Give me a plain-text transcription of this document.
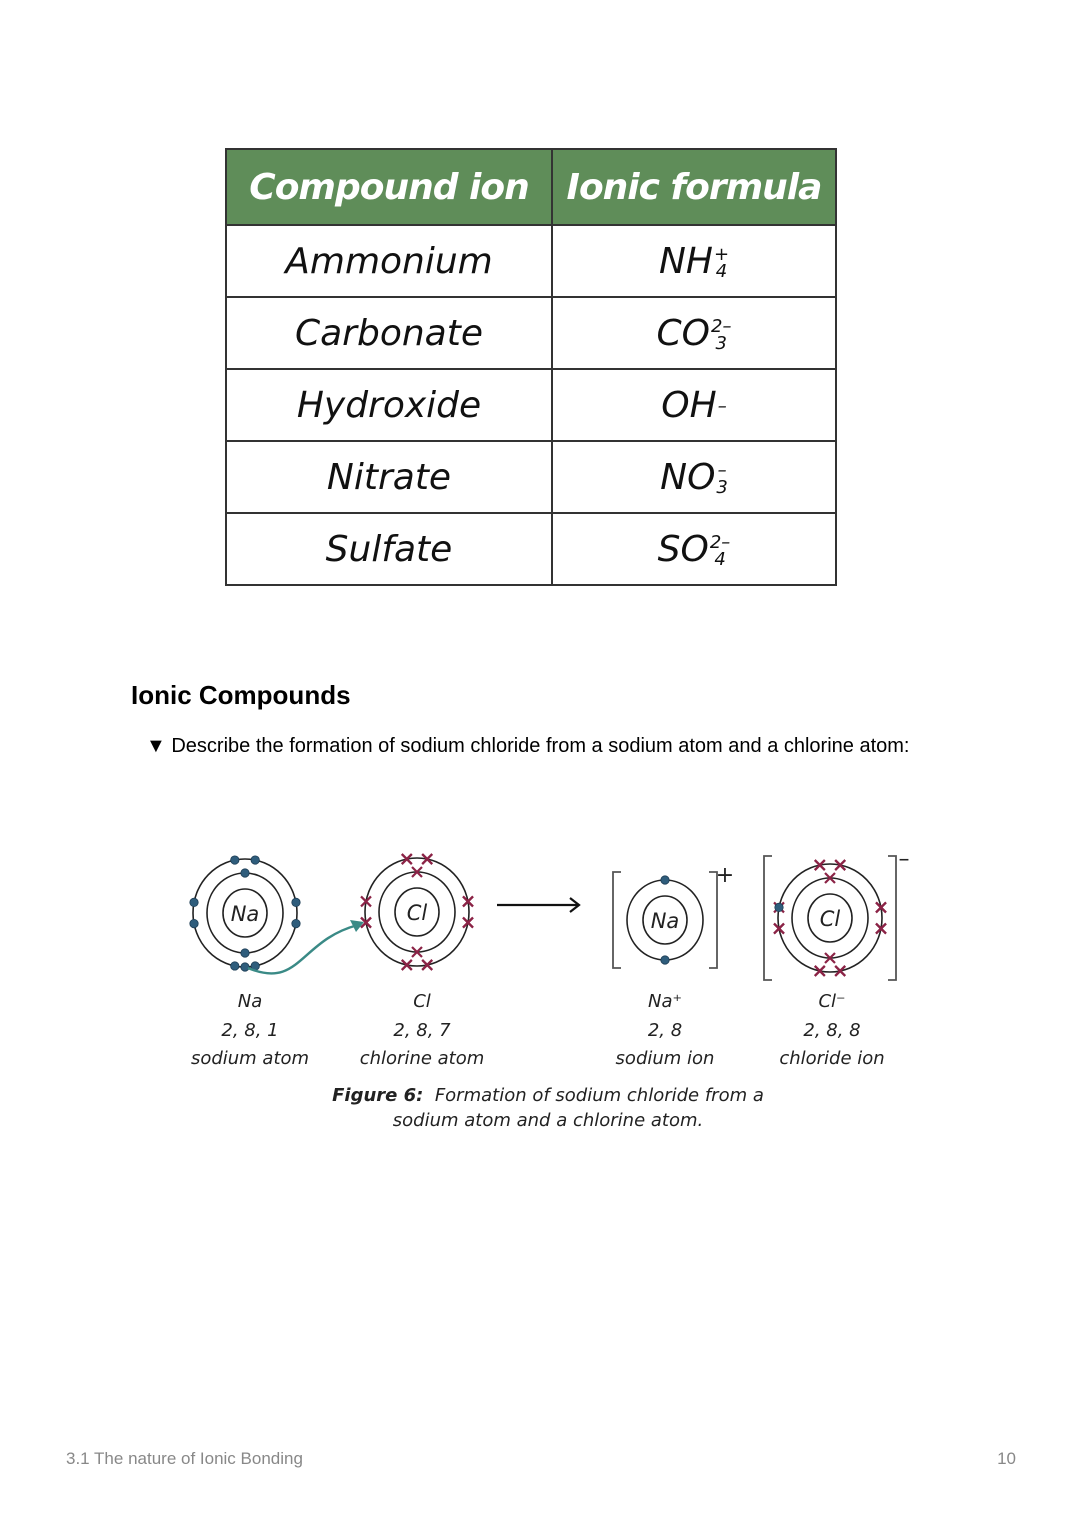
Compound ion	Ionic formula
Ammonium	NH +
4

Carbonate	CO 2–
3

Hydroxide	OH –

Nitrate	NO –
3

Sulfate	SO 2–
4
Ionic Compounds
▼ Describe the formation of sodium chloride from a sodium atom and a chlorine atom:
Na	Cl	Na
+
Cl
–
Na
2, 8, 1
sodium atom
Cl
2, 8, 7
chlorine atom
Na⁺
2, 8
sodium ion
Cl⁻
2, 8, 8
chloride ion
Figure 6: Formation of sodium chloride from a sodium atom and a chlorine atom.
3.1 The nature of Ionic Bonding	10
